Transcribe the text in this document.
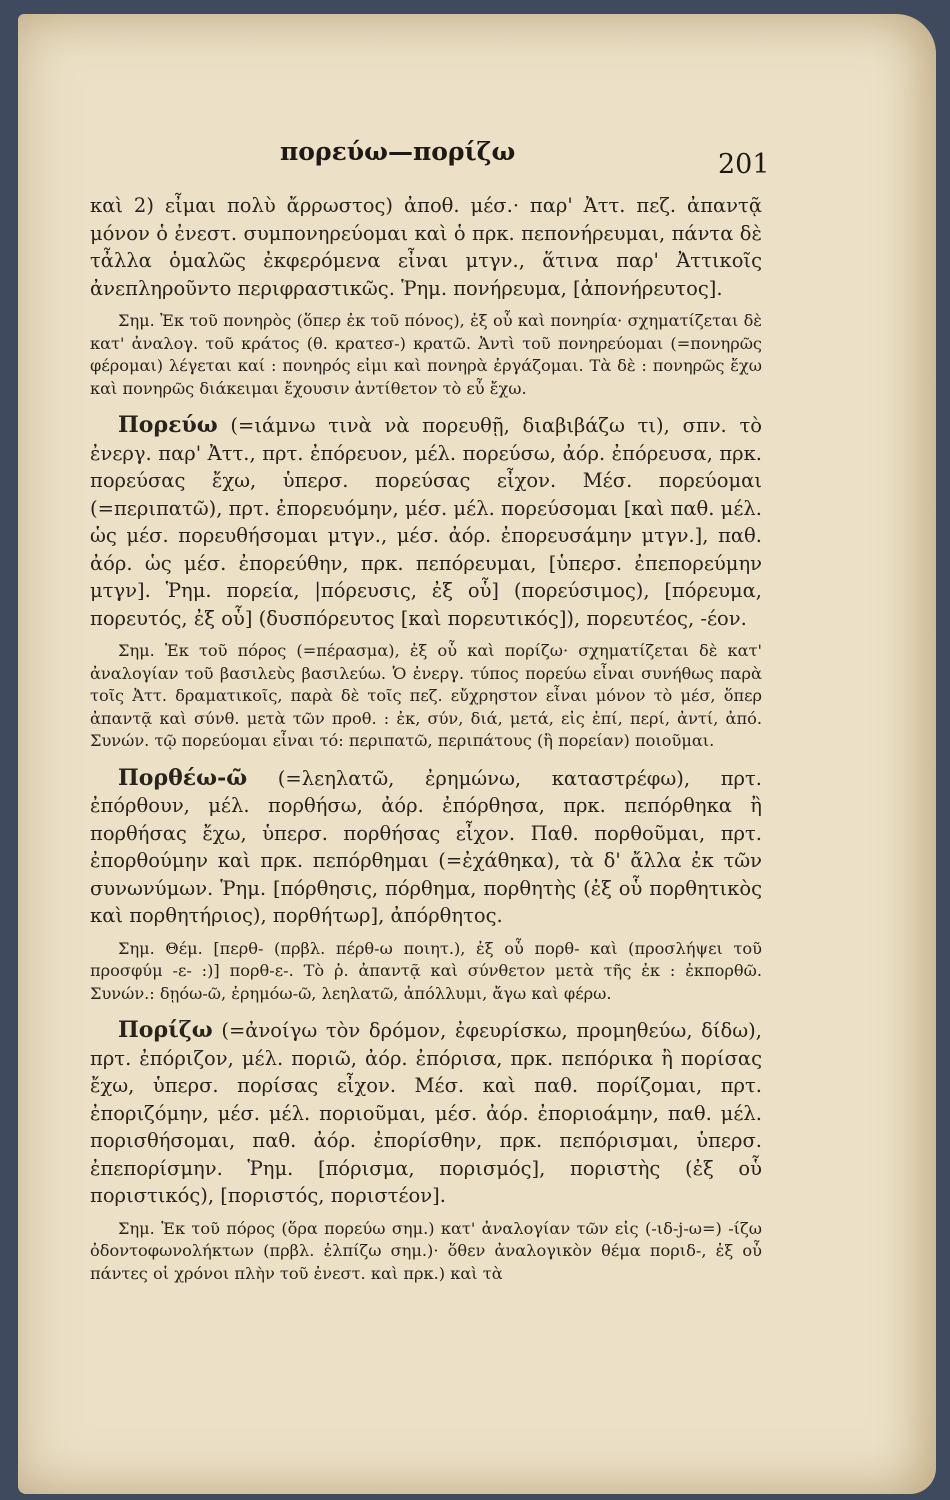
πορεύω—πορίζω	201

καὶ 2) εἶμαι πολὺ ἄρρωστος) ἀποθ. μέσ.· παρ' Ἀττ. πεζ. ἀπαντᾷ μόνον ὁ ἐνεστ. συμπονηρεύομαι καὶ ὁ πρκ. πεπονήρευμαι, πάντα δὲ τἆλλα ὁμαλῶς ἐκφερόμενα εἶναι μτγν., ἅτινα παρ' Ἀττικοῖς ἀνεπληροῦντο περιφραστικῶς. Ῥημ. πονήρευμα, [ἀπονήρευτος].

Σημ. Ἐκ τοῦ πονηρὸς (ὅπερ ἐκ τοῦ πόνος), ἐξ οὗ καὶ πονηρία· σχηματίζεται δὲ κατ' ἀναλογ. τοῦ κράτος (θ. κρατεσ-) κρατῶ. Ἀντὶ τοῦ πονηρεύομαι (=πονηρῶς φέρομαι) λέγεται καί : πονηρός εἰμι καὶ πονηρὰ ἐργάζομαι. Τὰ δὲ : πονηρῶς ἔχω καὶ πονηρῶς διάκειμαι ἔχουσιν ἀντίθετον τὸ εὖ ἔχω.

Πορεύω (=ιάμνω τινὰ νὰ πορευθῇ, διαβιβάζω τι), σπν. τὸ ἐνεργ. παρ' Ἀττ., πρτ. ἐπόρευον, μέλ. πορεύσω, ἀόρ. ἐπόρευσα, πρκ. πορεύσας ἔχω, ὑπερσ. πορεύσας εἶχον. Μέσ. πορεύομαι (=περιπατῶ), πρτ. ἐπορευόμην, μέσ. μέλ. πορεύσομαι [καὶ παθ. μέλ. ὡς μέσ. πορευθήσομαι μτγν., μέσ. ἀόρ. ἐπορευσάμην μτγν.], παθ. ἀόρ. ὡς μέσ. ἐπορεύθην, πρκ. πεπόρευμαι, [ὑπερσ. ἐπεπορεύμην μτγν]. Ῥημ. πορεία, |πόρευσις, ἐξ οὗ] (πορεύσιμος), [πόρευμα, πορευτός, ἐξ οὗ] (δυσπόρευτος [καὶ πορευτικός]), πορευτέος, -έον.

Σημ. Ἐκ τοῦ πόρος (=πέρασμα), ἐξ οὗ καὶ πορίζω· σχηματίζεται δὲ κατ' ἀναλογίαν τοῦ βασιλεὺς βασιλεύω. Ὁ ἐνεργ. τύπος πορεύω εἶναι συνήθως παρὰ τοῖς Ἀττ. δραματικοῖς, παρὰ δὲ τοῖς πεζ. εὔχρηστον εἶναι μόνον τὸ μέσ, ὅπερ ἀπαντᾷ καὶ σύνθ. μετὰ τῶν προθ. : ἐκ, σύν, διά, μετά, εἰς ἐπί, περί, ἀντί, ἀπό. Συνών. τῷ πορεύομαι εἶναι τό: περιπατῶ, περιπάτους (ἢ πορείαν) ποιοῦμαι.

Πορθέω-ῶ (=λεηλατῶ, ἐρημώνω, καταστρέφω), πρτ. ἐπόρθουν, μέλ. πορθήσω, ἀόρ. ἐπόρθησα, πρκ. πεπόρθηκα ἢ πορθήσας ἔχω, ὑπερσ. πορθήσας εἶχον. Παθ. πορθοῦμαι, πρτ. ἐπορθούμην καὶ πρκ. πεπόρθημαι (=ἐχάθηκα), τὰ δ' ἄλλα ἐκ τῶν συνωνύμων. Ῥημ. [πόρθησις, πόρθημα, πορθητὴς (ἐξ οὗ πορθητικὸς καὶ πορθητήριος), πορθήτωρ], ἀπόρθητος.

Σημ. Θέμ. [περθ- (πρβλ. πέρθ-ω ποιητ.), ἐξ οὗ πορθ- καὶ (προσλήψει τοῦ προσφύμ -ε- :)] πορθ-ε-. Τὸ ῥ. ἀπαντᾷ καὶ σύνθετον μετὰ τῆς ἐκ : ἐκπορθῶ. Συνών.: δῃόω-ῶ, ἐρημόω-ῶ, λεηλατῶ, ἀπόλλυμι, ἄγω καὶ φέρω.

Πορίζω (=ἀνοίγω τὸν δρόμον, ἐφευρίσκω, προμηθεύω, δίδω), πρτ. ἐπόριζον, μέλ. ποριῶ, ἀόρ. ἐπόρισα, πρκ. πεπόρικα ἢ πορίσας ἔχω, ὑπερσ. πορίσας εἶχον. Μέσ. καὶ παθ. πορίζομαι, πρτ. ἐποριζόμην, μέσ. μέλ. ποριοῦμαι, μέσ. ἀόρ. ἐποριοάμην, παθ. μέλ. πορισθήσομαι, παθ. ἀόρ. ἐπορίσθην, πρκ. πεπόρισμαι, ὑπερσ. ἐπεπορίσμην. Ῥημ. [πόρισμα, πορισμός], ποριστὴς (ἐξ οὗ ποριστικός), [ποριστός, ποριστέον].

Σημ. Ἐκ τοῦ πόρος (ὅρα πορεύω σημ.) κατ' ἀναλογίαν τῶν εἰς (-ιδ-j-ω=) -ίζω ὀδοντοφωνολήκτων (πρβλ. ἐλπίζω σημ.)· ὅθεν ἀναλογικὸν θέμα ποριδ-, ἐξ οὗ πάντες οἱ χρόνοι πλὴν τοῦ ἐνεστ. καὶ πρκ.) καὶ τὰ
